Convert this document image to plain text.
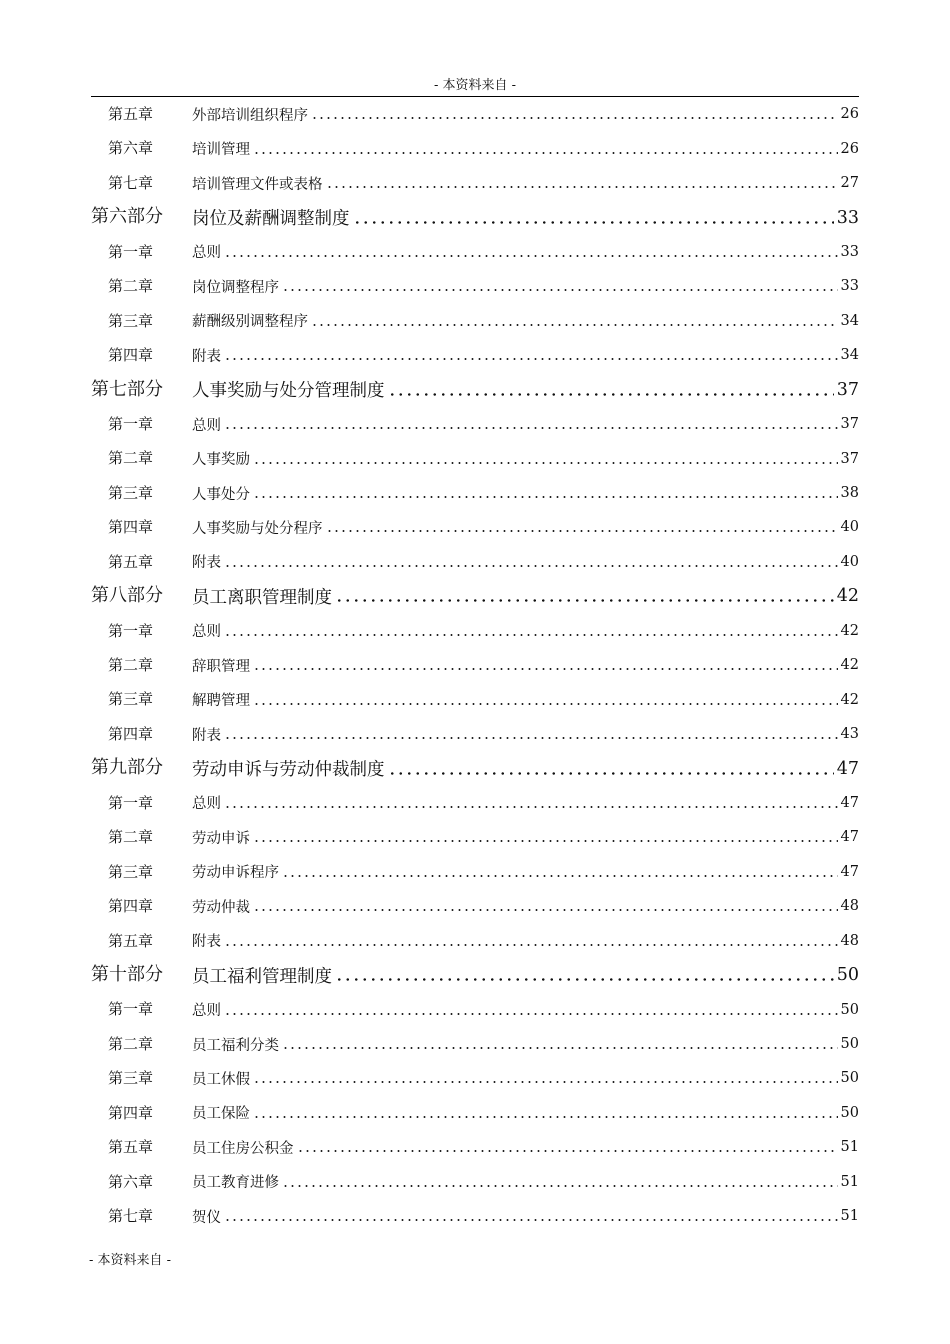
- 本资料来自 -
第五章	外部培训组织程序	26
第六章	培训管理	26
第七章	培训管理文件或表格	27
第六部分 岗位及薪酬调整制度	33
第一章	总则	33
第二章	岗位调整程序	33
第三章	薪酬级别调整程序	34
第四章	附表	34
第七部分 人事奖励与处分管理制度	37
第一章	总则	37
第二章	人事奖励	37
第三章	人事处分	38
第四章	人事奖励与处分程序	40
第五章	附表	40
第八部分 员工离职管理制度	42
第一章	总则	42
第二章	辞职管理	42
第三章	解聘管理	42
第四章	附表	43
第九部分 劳动申诉与劳动仲裁制度	47
第一章	总则	47
第二章	劳动申诉	47
第三章	劳动申诉程序	47
第四章	劳动仲裁	48
第五章	附表	48
第十部分 员工福利管理制度	50
第一章	总则	50
第二章	员工福利分类	50
第三章	员工休假	50
第四章	员工保险	50
第五章	员工住房公积金	51
第六章	员工教育进修	51
第七章	贺仪	51
- 本资料来自 -
